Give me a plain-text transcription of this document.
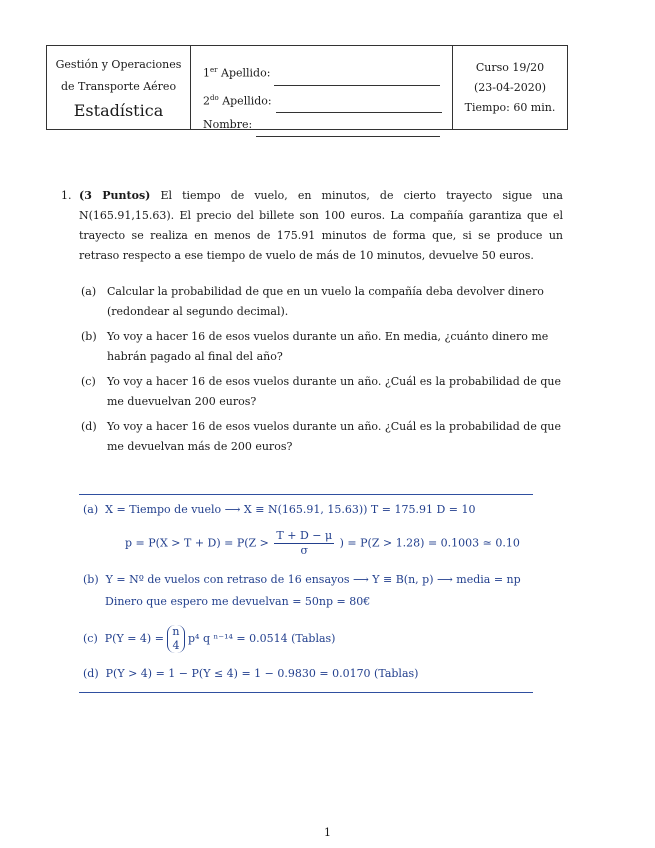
Gestión y Operaciones
de Transporte Aéreo
Estadística
1er Apellido:
$2^{do}$ Apellido:
Nombre:
Curso 19/20
(23-04-2020)
Tiempo: 60 min.
1. (3 Puntos) El tiempo de vuelo, en minutos, de cierto trayecto sigue una N(165.91,15.63). El precio del billete son 100 euros. La compañía garantiza que el trayecto se realiza en menos de 175.91 minutos de forma que, si se produce un retraso respecto a ese tiempo de vuelo de más de 10 minutos, devuelve 50 euros.
(a) Calcular la probabilidad de que en un vuelo la compañía deba devolver dinero (redondear al segundo decimal).
(b) Yo voy a hacer 16 de esos vuelos durante un año. En media, ¿cuánto dinero me habrán pagado al final del año?
(c)	Yo voy a hacer 16 de esos vuelos durante un año. ¿Cuál es la probabilidad de que me duevuelvan 200 euros?
(d) Yo voy a hacer 16 de esos vuelos durante un año. ¿Cuál es la probabilidad de que me devuelvan más de 200 euros?
(a) X = Tiempo de vuelo ⟶ X ≡ N(165.91, 15.63)) T = 175.91 D = 10
$p = P(X > T + D) = P(Z > \frac{T + D - \mu}{\sigma}$ ) = P(Z > 1.28) = 0.1003 ≃ 0.10
(b) Y = Nº de vuelos con retraso de 16 ensayos ⟶ Y ≡ B(n, p) ⟶ media = np
Dinero que espero me devuelvan = 50np = 80€
(c) P(Y = 4) =
n
4
p⁴ q ⁿ⁻¹⁴ = 0.0514 (Tablas)
(d) P(Y > 4) = 1 − P(Y ≤ 4) = 1 − 0.9830 = 0.0170 (Tablas)
1
